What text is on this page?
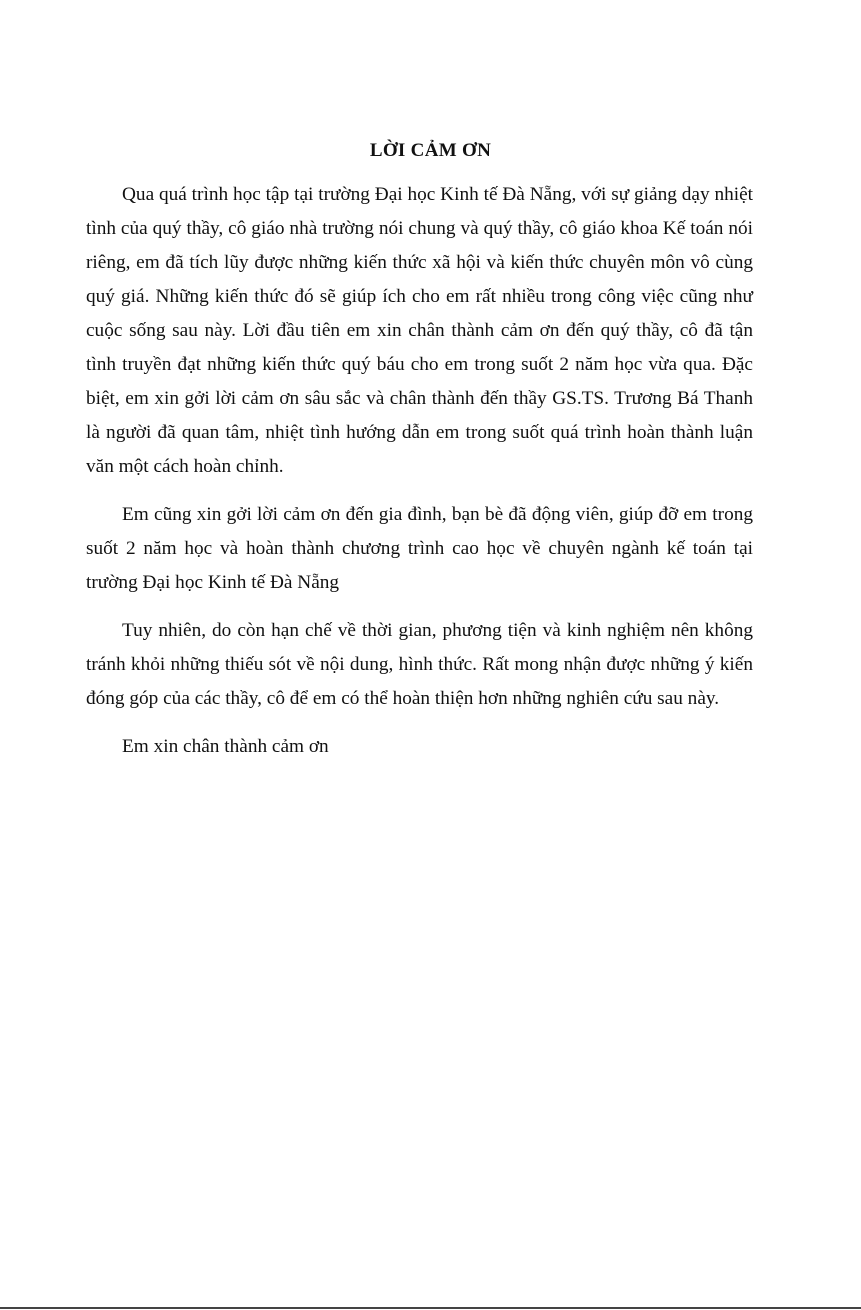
LỜI CẢM ƠN

Qua quá trình học tập tại trường Đại học Kinh tế Đà Nẵng, với sự giảng dạy nhiệt tình của quý thầy, cô giáo nhà trường nói chung và quý thầy, cô giáo khoa Kế toán nói riêng, em đã tích lũy được những kiến thức xã hội và kiến thức chuyên môn vô cùng quý giá. Những kiến thức đó sẽ giúp ích cho em rất nhiều trong công việc cũng như cuộc sống sau này. Lời đầu tiên em xin chân thành cảm ơn đến quý thầy, cô đã tận tình truyền đạt những kiến thức quý báu cho em trong suốt 2 năm học vừa qua. Đặc biệt, em xin gởi lời cảm ơn sâu sắc và chân thành đến thầy GS.TS. Trương Bá Thanh là người đã quan tâm, nhiệt tình hướng dẫn em trong suốt quá trình hoàn thành luận văn một cách hoàn chỉnh.

Em cũng xin gởi lời cảm ơn đến gia đình, bạn bè đã động viên, giúp đỡ em trong suốt 2 năm học và hoàn thành chương trình cao học về chuyên ngành kế toán tại trường Đại học Kinh tế Đà Nẵng

Tuy nhiên, do còn hạn chế về thời gian, phương tiện và kinh nghiệm nên không tránh khỏi những thiếu sót về nội dung, hình thức. Rất mong nhận được những ý kiến đóng góp của các thầy, cô để em có thể hoàn thiện hơn những nghiên cứu sau này.

Em xin chân thành cảm ơn
